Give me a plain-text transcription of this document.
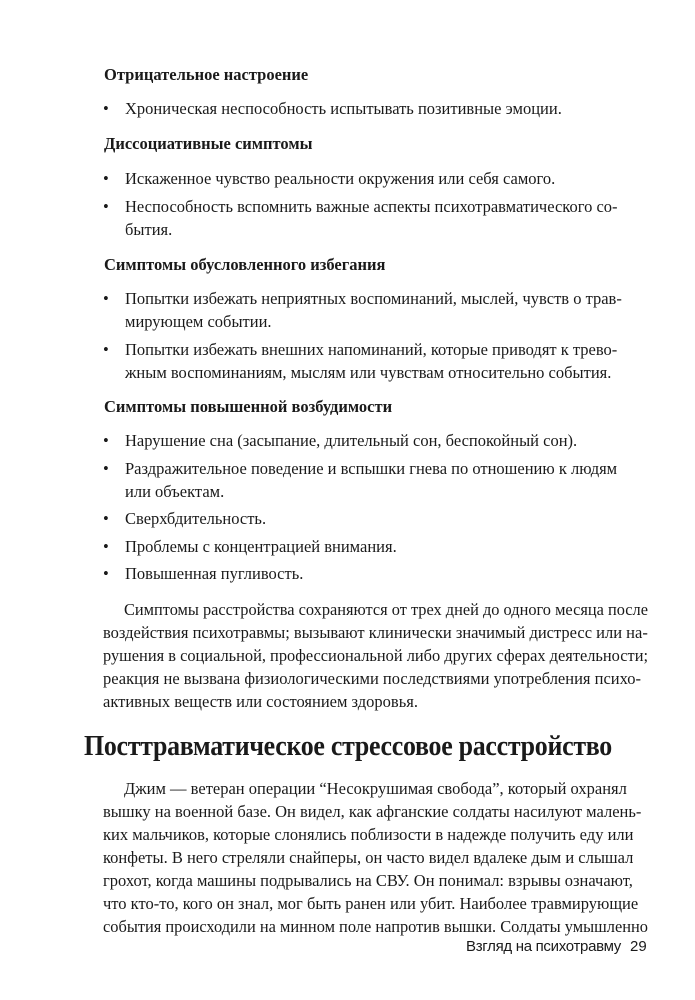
Отрицательное настроение
• Хроническая неспособность испытывать позитивные эмоции.
Диссоциативные симптомы
• Искаженное чувство реальности окружения или себя самого.
• Неспособность вспомнить важные аспекты психотравматического со-
бытия.
Симптомы обусловленного избегания
• Попытки избежать неприятных воспоминаний, мыслей, чувств о трав-
мирующем событии.
• Попытки избежать внешних напоминаний, которые приводят к трево-
жным воспоминаниям, мыслям или чувствам относительно события.
Симптомы повышенной возбудимости
• Нарушение сна (засыпание, длительный сон, беспокойный сон).
• Раздражительное поведение и вспышки гнева по отношению к людям
или объектам.
• Сверхбдительность.
• Проблемы с концентрацией внимания.
• Повышенная пугливость.
Симптомы расстройства сохраняются от трех дней до одного месяца после
воздействия психотравмы; вызывают клинически значимый дистресс или на-
рушения в социальной, профессиональной либо других сферах деятельности;
реакция не вызвана физиологическими последствиями употребления психо-
активных веществ или состоянием здоровья.
Посттравматическое стрессовое расстройство
Джим — ветеран операции “Несокрушимая свобода”, который охранял
вышку на военной базе. Он видел, как афганские солдаты насилуют малень-
ких мальчиков, которые слонялись поблизости в надежде получить еду или
конфеты. В него стреляли снайперы, он часто видел вдалеке дым и слышал
грохот, когда машины подрывались на СВУ. Он понимал: взрывы означают,
что кто-то, кого он знал, мог быть ранен или убит. Наиболее травмирующие
события происходили на минном поле напротив вышки. Солдаты умышленно
Взгляд на психотравму 29
